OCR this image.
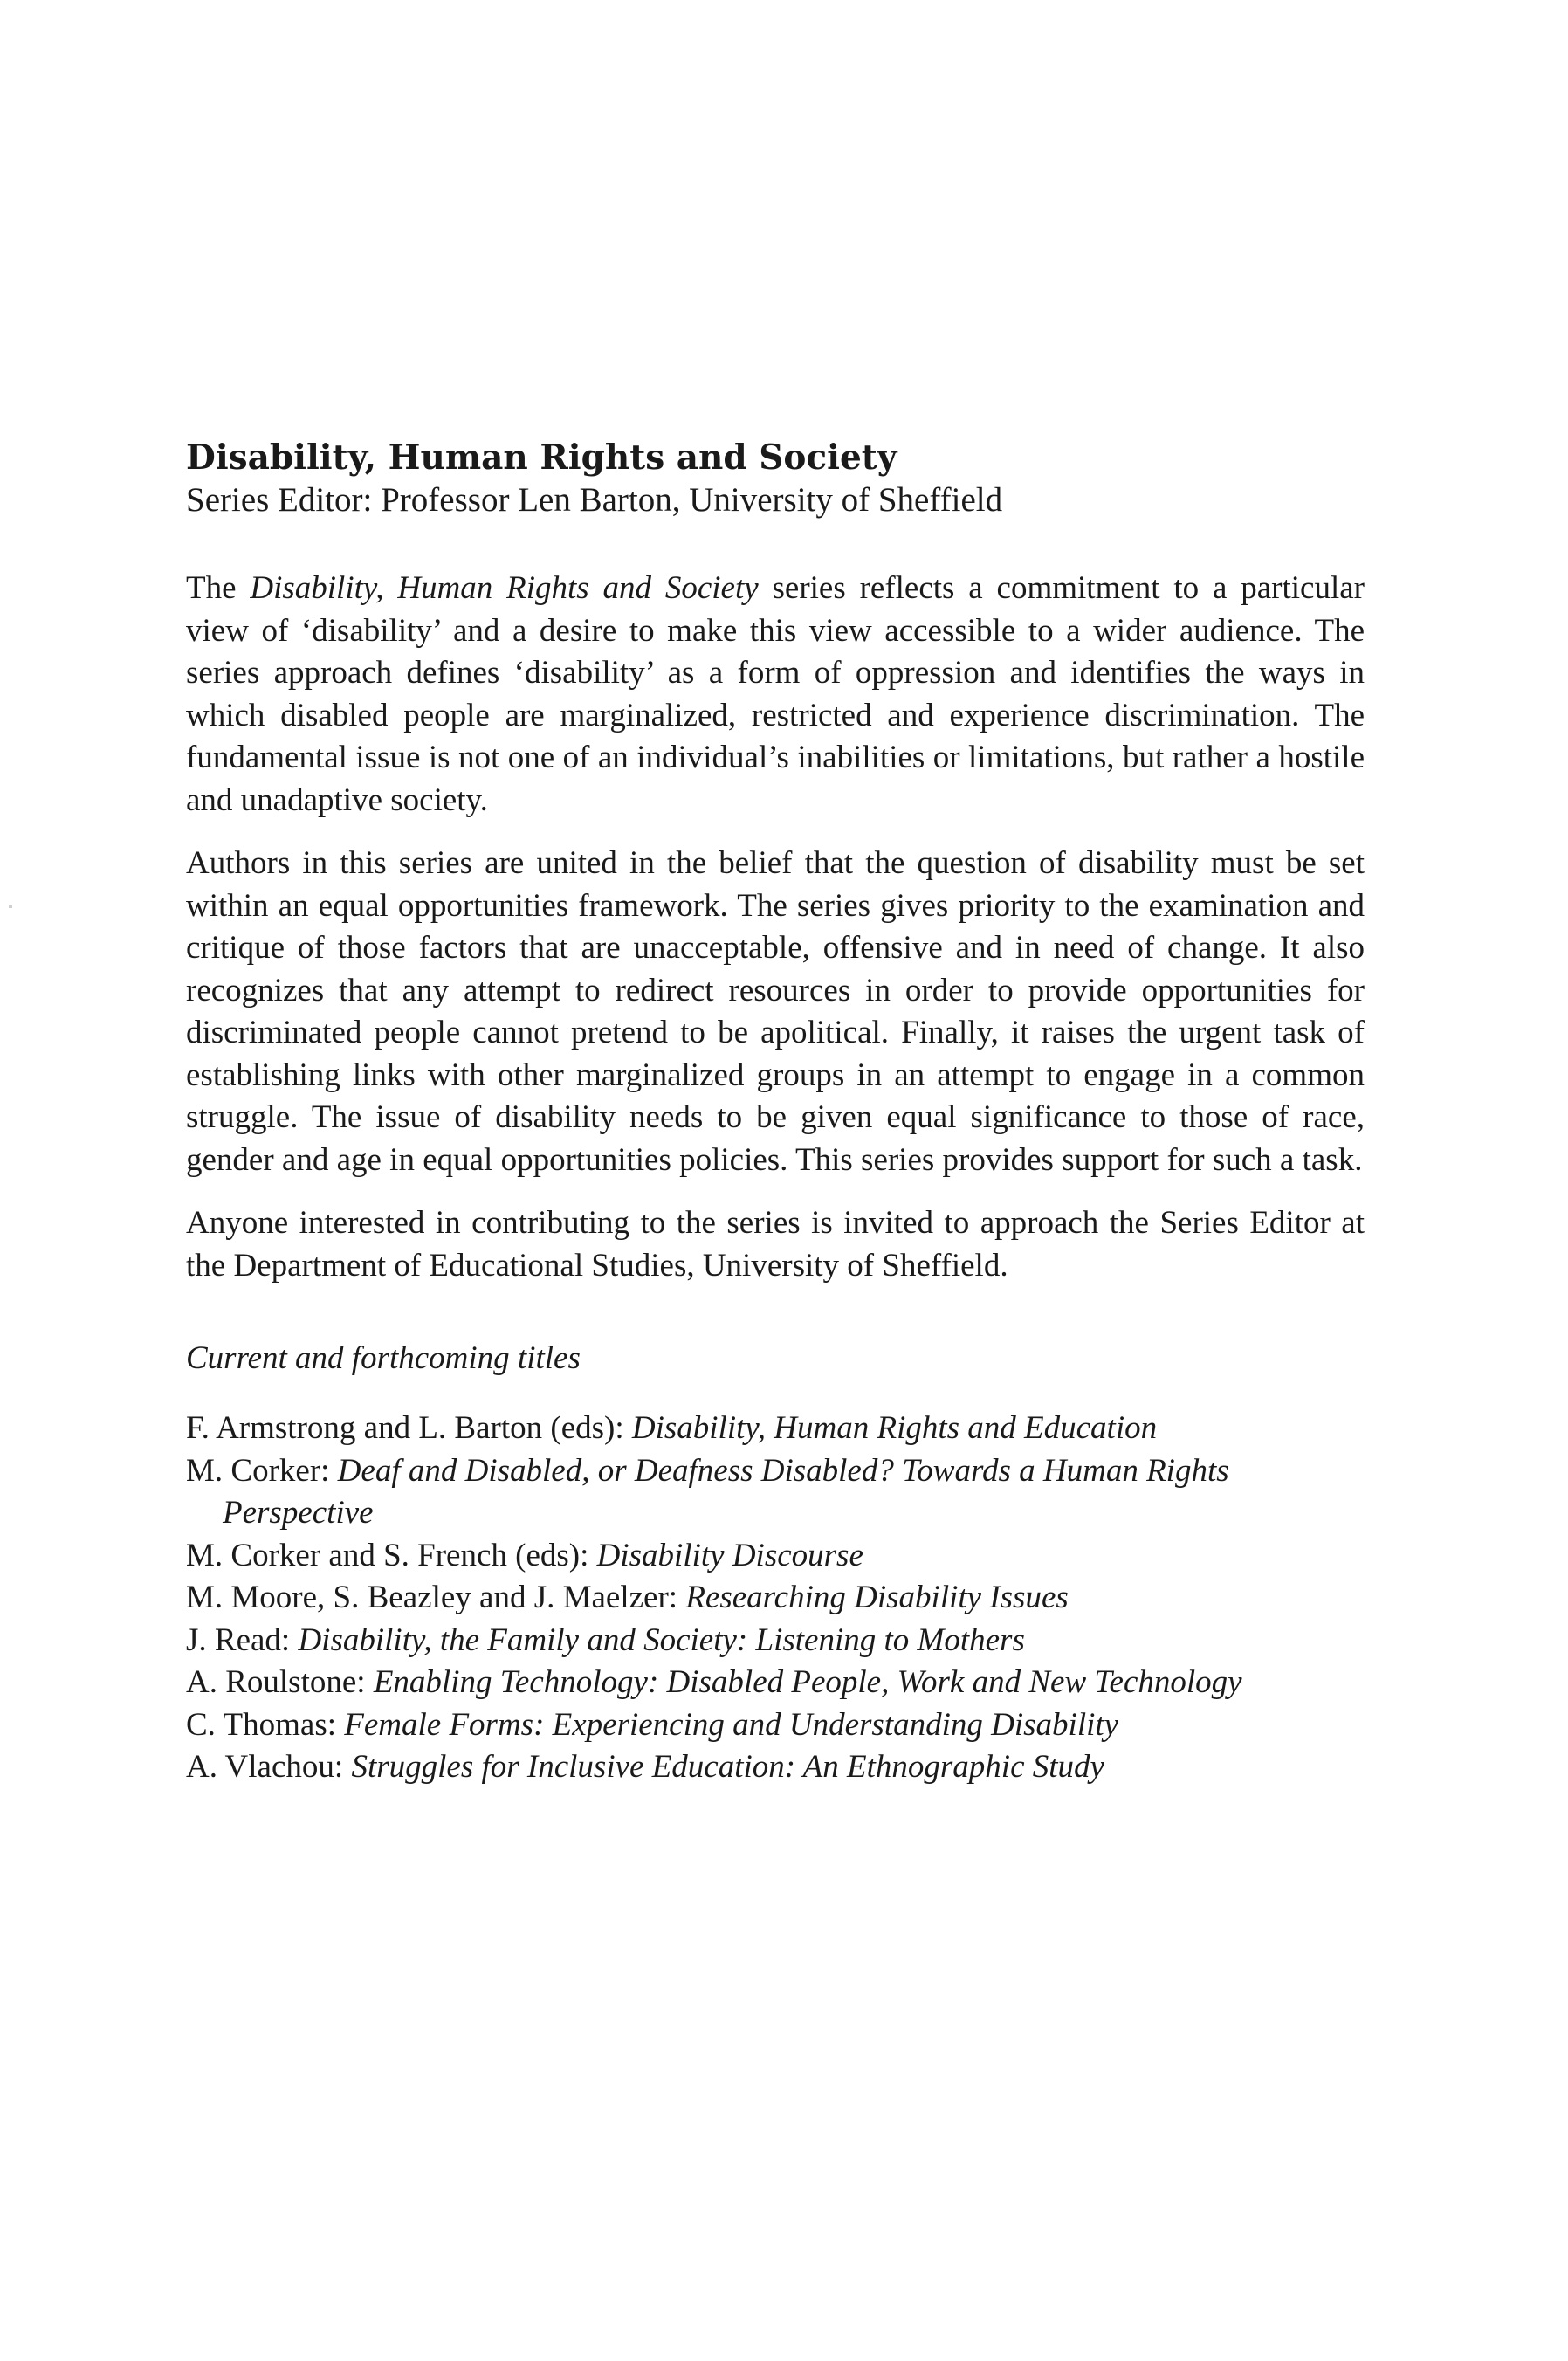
Disability, Human Rights and Society

Series Editor: Professor Len Barton, University of Sheffield

The Disability, Human Rights and Society series reflects a commitment to a particular view of ‘disability’ and a desire to make this view accessible to a wider audience. The series approach defines ‘disability’ as a form of oppression and identifies the ways in which disabled people are marginalized, restricted and experience discrimination. The fundamental issue is not one of an individual’s inabilities or limitations, but rather a hostile and unadaptive society.

Authors in this series are united in the belief that the question of disability must be set within an equal opportunities framework. The series gives priority to the examination and critique of those factors that are unacceptable, offensive and in need of change. It also recognizes that any attempt to redirect resources in order to provide opportunities for discriminated people cannot pretend to be apolitical. Finally, it raises the urgent task of establishing links with other marginalized groups in an attempt to engage in a common struggle. The issue of disability needs to be given equal significance to those of race, gender and age in equal opportunities policies. This series provides support for such a task.

Anyone interested in contributing to the series is invited to approach the Series Editor at the Department of Educational Studies, University of Sheffield.

Current and forthcoming titles

F. Armstrong and L. Barton (eds): Disability, Human Rights and Education
M. Corker: Deaf and Disabled, or Deafness Disabled? Towards a Human Rights Perspective
M. Corker and S. French (eds): Disability Discourse
M. Moore, S. Beazley and J. Maelzer: Researching Disability Issues
J. Read: Disability, the Family and Society: Listening to Mothers
A. Roulstone: Enabling Technology: Disabled People, Work and New Technology
C. Thomas: Female Forms: Experiencing and Understanding Disability
A. Vlachou: Struggles for Inclusive Education: An Ethnographic Study
